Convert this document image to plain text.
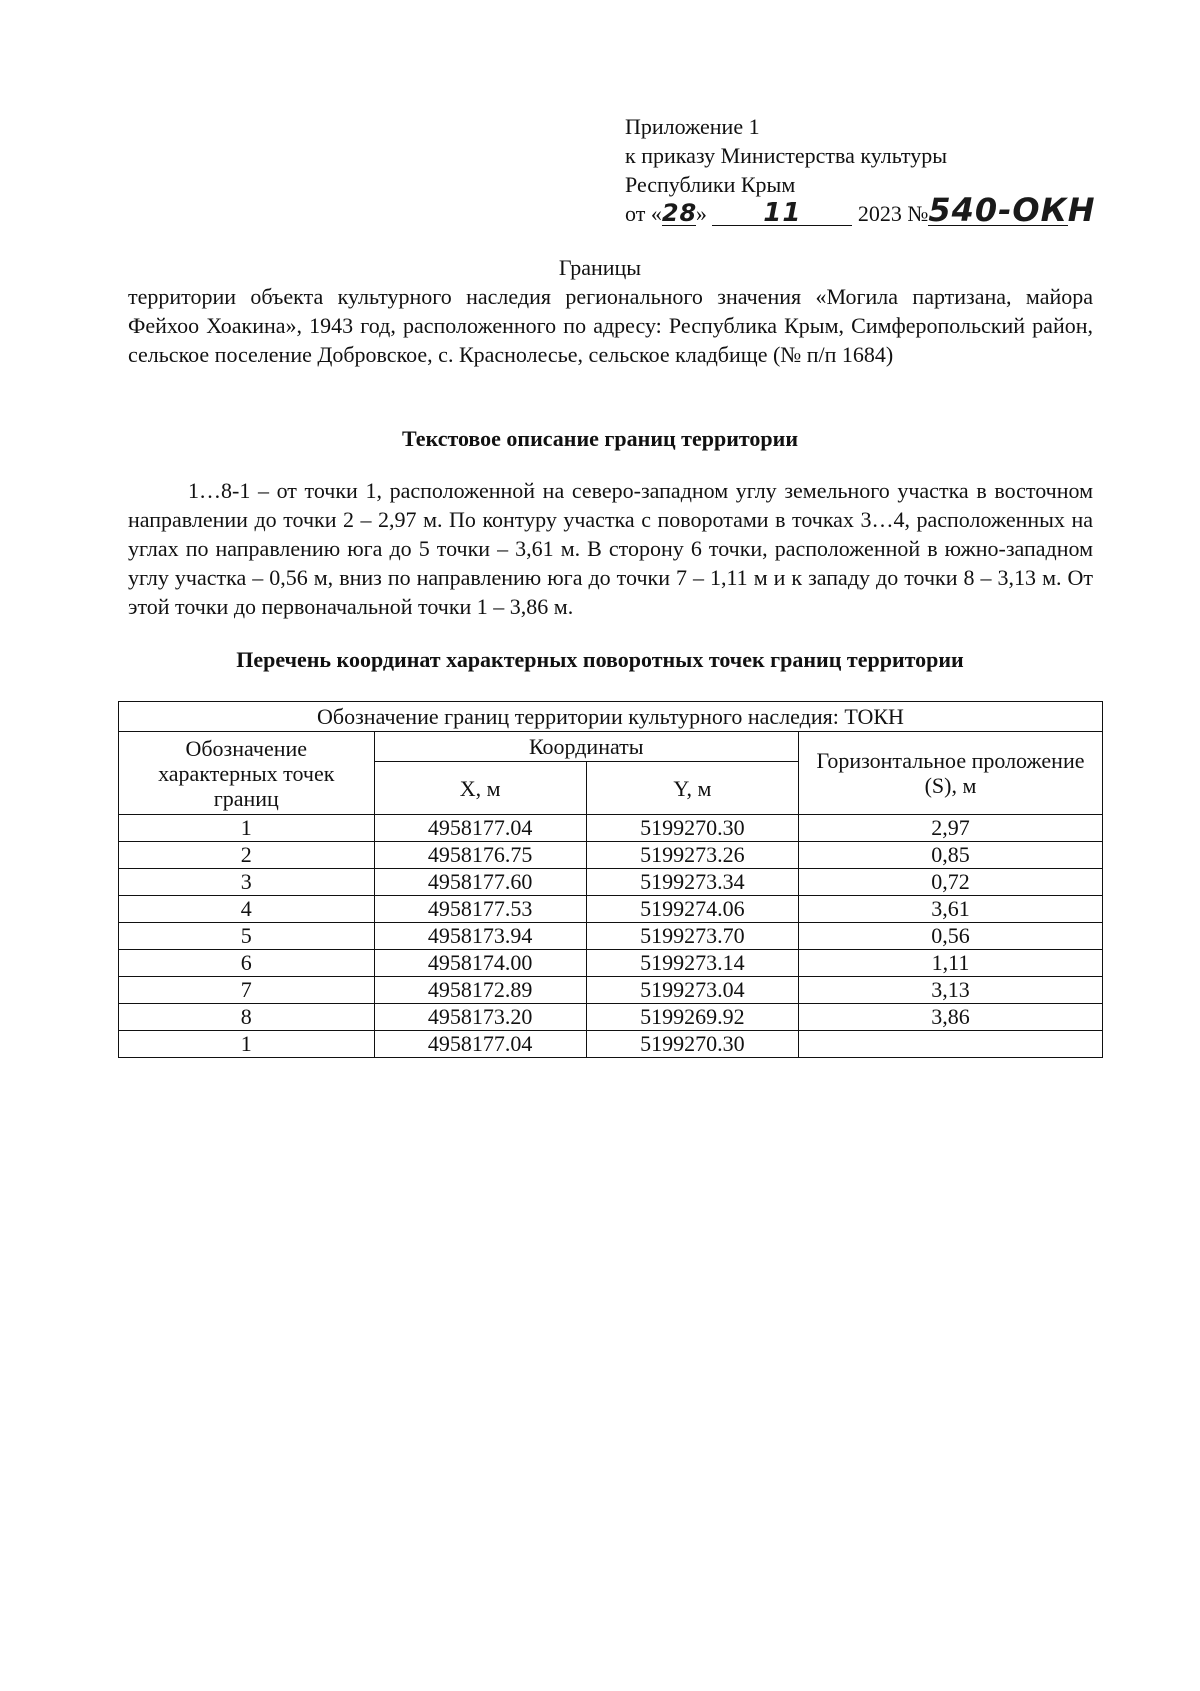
Приложение 1
к приказу Министерства культуры
Республики Крым
от «28» 11	2023 №540-ОКН
Границы
территории объекта культурного наследия регионального значения «Могила партизана, майора Фейхоо Хоакина», 1943 год, расположенного по адресу: Республика Крым, Симферопольский район, сельское поселение Добровское, с. Краснолесье, сельское кладбище (№ п/п 1684)
Текстовое описание границ территории
1…8-1 – от точки 1, расположенной на северо-западном углу земельного участка в восточном направлении до точки 2 – 2,97 м. По контуру участка с поворотами в точках 3…4, расположенных на углах по направлению юга до 5 точки – 3,61 м. В сторону 6 точки, расположенной в южно-западном углу участка – 0,56 м, вниз по направлению юга до точки 7 – 1,11 м и к западу до точки 8 – 3,13 м. От этой точки до первоначальной точки 1 – 3,86 м.
Перечень координат характерных поворотных точек границ территории
Обозначение границ территории культурного наследия: ТОКН			
Обозначение характерных точек границ	Координаты		Горизонтальное проложение (S), м
	X, м	Y, м	
1	4958177.04	5199270.30	2,97
2	4958176.75	5199273.26	0,85
3	4958177.60	5199273.34	0,72
4	4958177.53	5199274.06	3,61
5	4958173.94	5199273.70	0,56
6	4958174.00	5199273.14	1,11
7	4958172.89	5199273.04	3,13
8	4958173.20	5199269.92	3,86
1	4958177.04	5199270.30	
